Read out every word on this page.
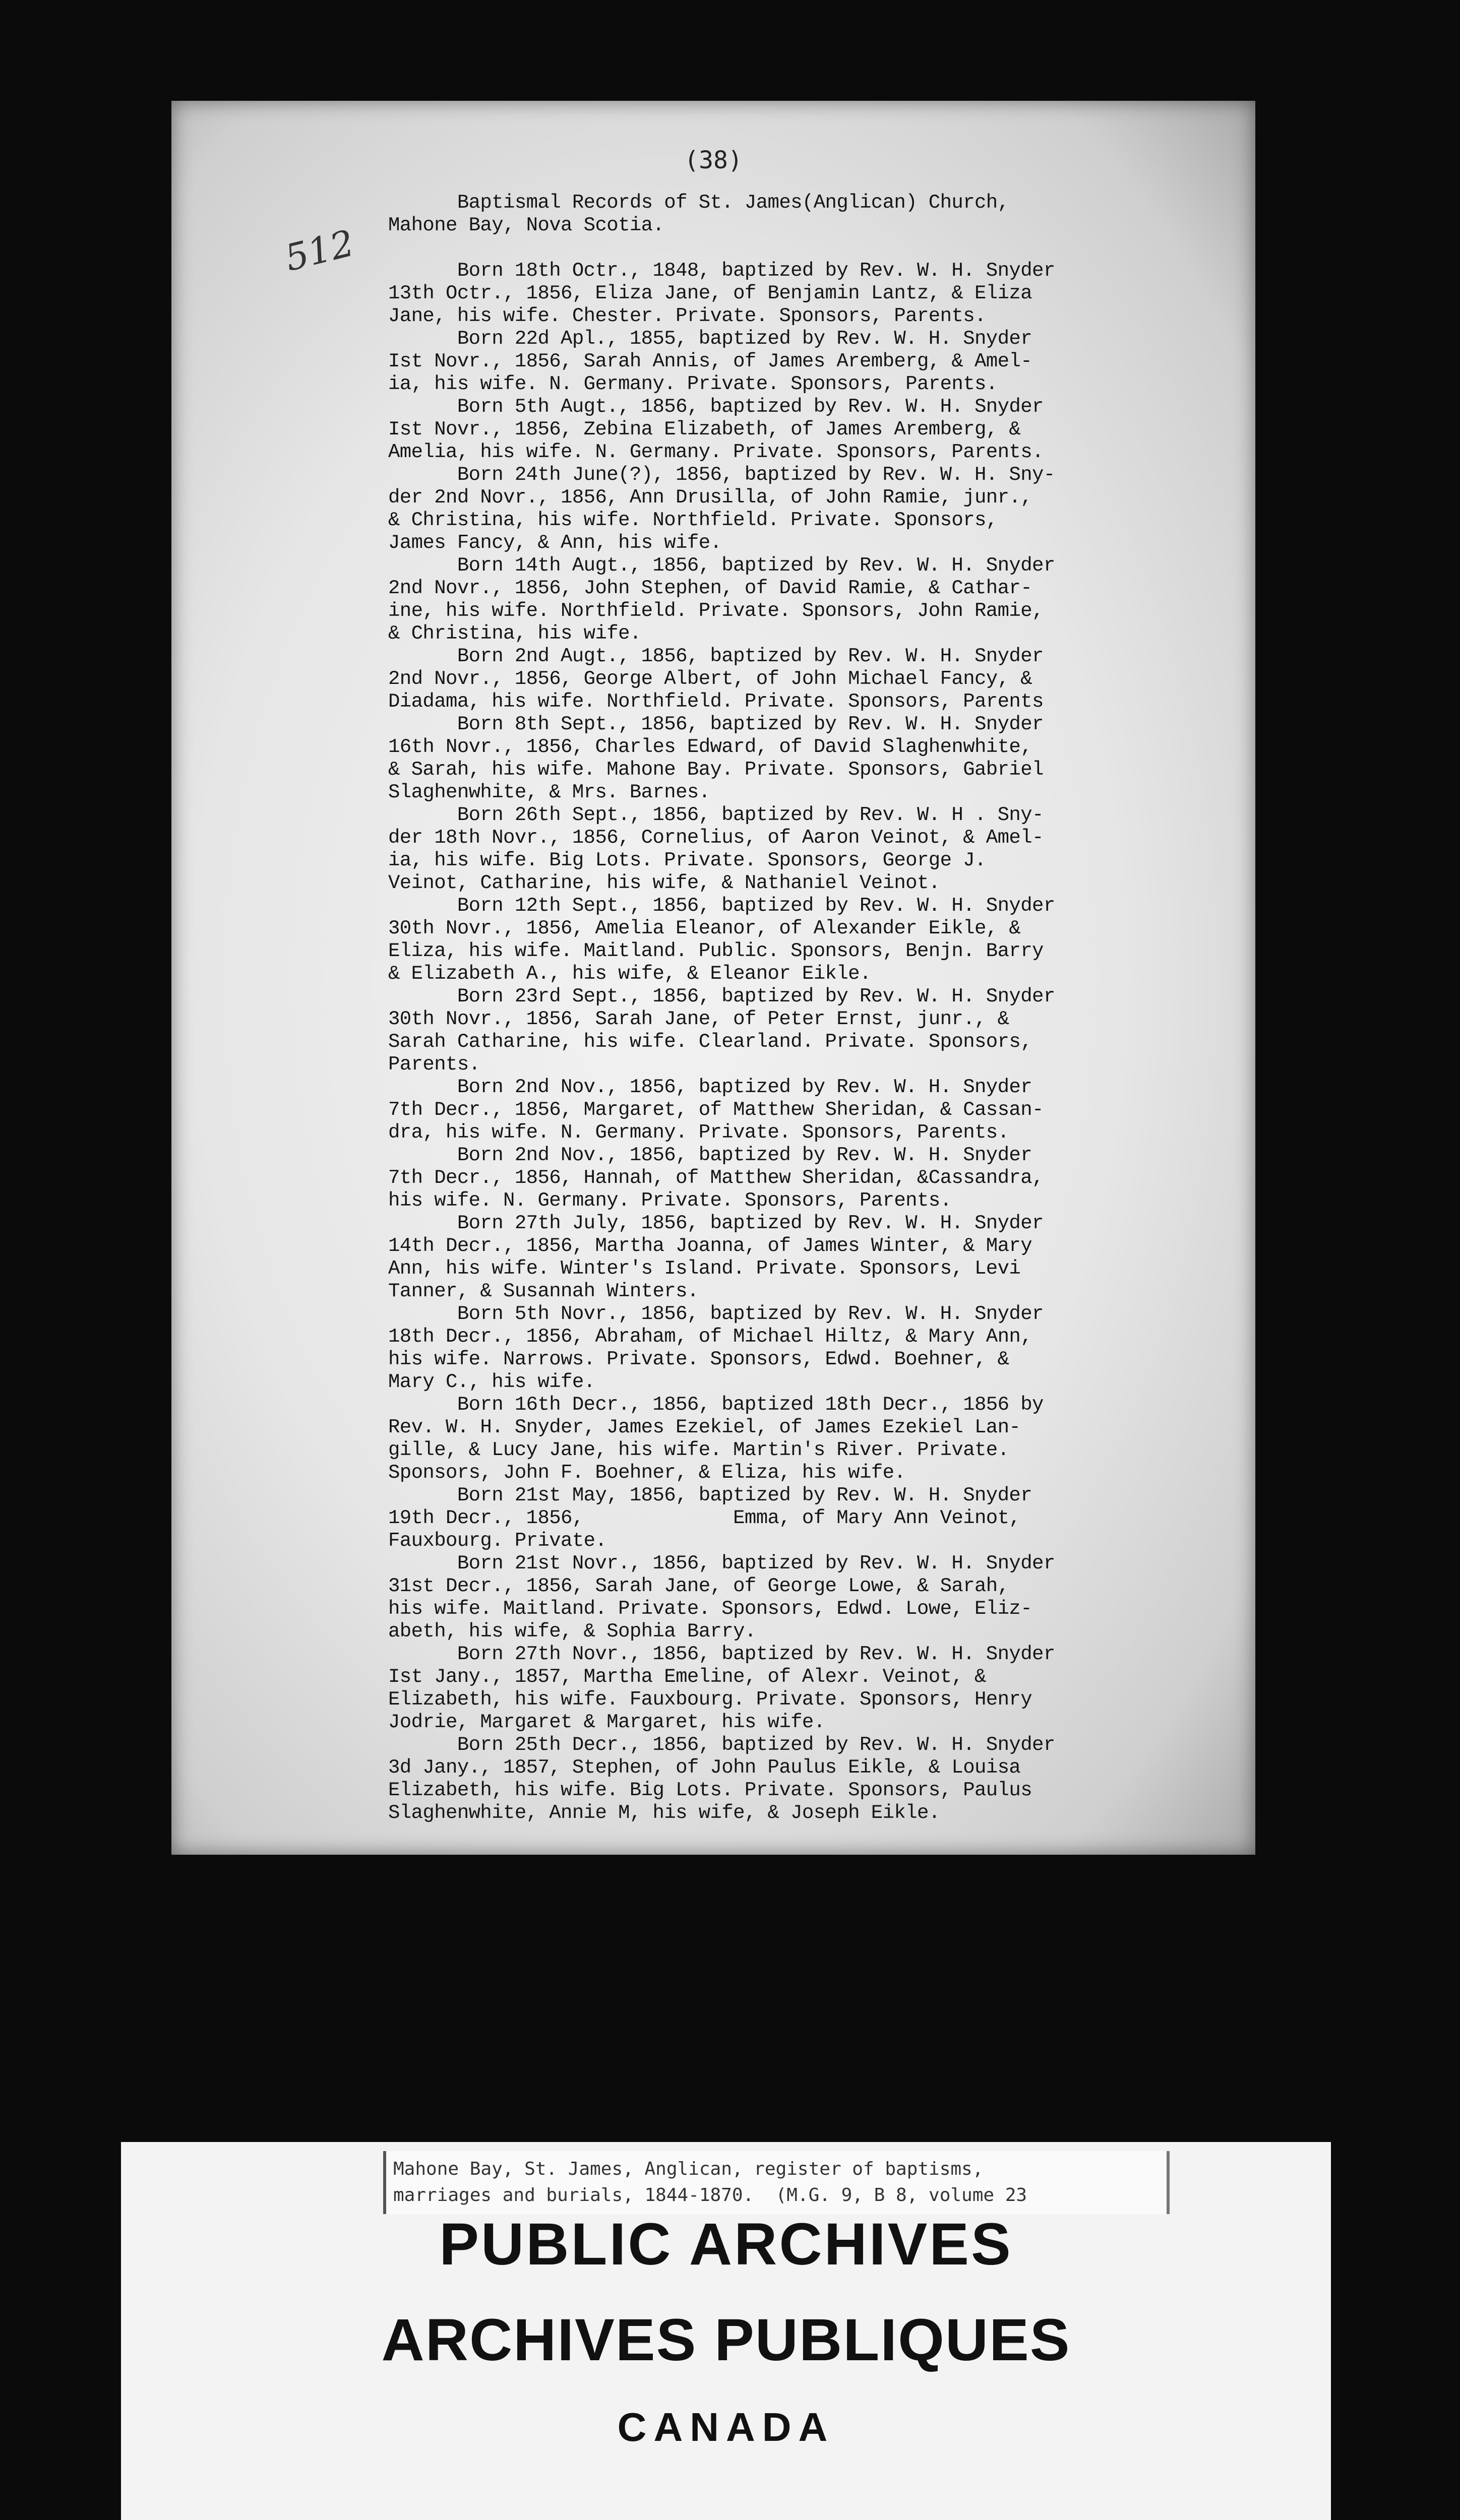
(38)
512
Baptismal Records of St. James(Anglican) Church,
Mahone Bay, Nova Scotia.
Born 18th Octr., 1848, baptized by Rev. W. H. Snyder
13th Octr., 1856, Eliza Jane, of Benjamin Lantz, & Eliza
Jane, his wife. Chester. Private. Sponsors, Parents.
Born 22d Apl., 1855, baptized by Rev. W. H. Snyder
Ist Novr., 1856, Sarah Annis, of James Aremberg, & Amel-
ia, his wife. N. Germany. Private. Sponsors, Parents.
Born 5th Augt., 1856, baptized by Rev. W. H. Snyder
Ist Novr., 1856, Zebina Elizabeth, of James Aremberg, &
Amelia, his wife. N. Germany. Private. Sponsors, Parents.
Born 24th June(?), 1856, baptized by Rev. W. H. Sny-
der 2nd Novr., 1856, Ann Drusilla, of John Ramie, junr.,
& Christina, his wife. Northfield. Private. Sponsors,
James Fancy, & Ann, his wife.
Born 14th Augt., 1856, baptized by Rev. W. H. Snyder
2nd Novr., 1856, John Stephen, of David Ramie, & Cathar-
ine, his wife. Northfield. Private. Sponsors, John Ramie,
& Christina, his wife.
Born 2nd Augt., 1856, baptized by Rev. W. H. Snyder
2nd Novr., 1856, George Albert, of John Michael Fancy, &
Diadama, his wife. Northfield. Private. Sponsors, Parents
Born 8th Sept., 1856, baptized by Rev. W. H. Snyder
16th Novr., 1856, Charles Edward, of David Slaghenwhite,
& Sarah, his wife. Mahone Bay. Private. Sponsors, Gabriel
Slaghenwhite, & Mrs. Barnes.
Born 26th Sept., 1856, baptized by Rev. W. H . Sny-
der 18th Novr., 1856, Cornelius, of Aaron Veinot, & Amel-
ia, his wife. Big Lots. Private. Sponsors, George J.
Veinot, Catharine, his wife, & Nathaniel Veinot.
Born 12th Sept., 1856, baptized by Rev. W. H. Snyder
30th Novr., 1856, Amelia Eleanor, of Alexander Eikle, &
Eliza, his wife. Maitland. Public. Sponsors, Benjn. Barry
& Elizabeth A., his wife, & Eleanor Eikle.
Born 23rd Sept., 1856, baptized by Rev. W. H. Snyder
30th Novr., 1856, Sarah Jane, of Peter Ernst, junr., &
Sarah Catharine, his wife. Clearland. Private. Sponsors,
Parents.
Born 2nd Nov., 1856, baptized by Rev. W. H. Snyder
7th Decr., 1856, Margaret, of Matthew Sheridan, & Cassan-
dra, his wife. N. Germany. Private. Sponsors, Parents.
Born 2nd Nov., 1856, baptized by Rev. W. H. Snyder
7th Decr., 1856, Hannah, of Matthew Sheridan, &Cassandra,
his wife. N. Germany. Private. Sponsors, Parents.
Born 27th July, 1856, baptized by Rev. W. H. Snyder
14th Decr., 1856, Martha Joanna, of James Winter, & Mary
Ann, his wife. Winter's Island. Private. Sponsors, Levi
Tanner, & Susannah Winters.
Born 5th Novr., 1856, baptized by Rev. W. H. Snyder
18th Decr., 1856, Abraham, of Michael Hiltz, & Mary Ann,
his wife. Narrows. Private. Sponsors, Edwd. Boehner, &
Mary C., his wife.
Born 16th Decr., 1856, baptized 18th Decr., 1856 by
Rev. W. H. Snyder, James Ezekiel, of James Ezekiel Lan-
gille, & Lucy Jane, his wife. Martin's River. Private.
Sponsors, John F. Boehner, & Eliza, his wife.
Born 21st May, 1856, baptized by Rev. W. H. Snyder
19th Decr., 1856,             Emma, of Mary Ann Veinot,
Fauxbourg. Private.
Born 21st Novr., 1856, baptized by Rev. W. H. Snyder
31st Decr., 1856, Sarah Jane, of George Lowe, & Sarah,
his wife. Maitland. Private. Sponsors, Edwd. Lowe, Eliz-
abeth, his wife, & Sophia Barry.
Born 27th Novr., 1856, baptized by Rev. W. H. Snyder
Ist Jany., 1857, Martha Emeline, of Alexr. Veinot, &
Elizabeth, his wife. Fauxbourg. Private. Sponsors, Henry
Jodrie, Margaret & Margaret, his wife.
Born 25th Decr., 1856, baptized by Rev. W. H. Snyder
3d Jany., 1857, Stephen, of John Paulus Eikle, & Louisa
Elizabeth, his wife. Big Lots. Private. Sponsors, Paulus
Slaghenwhite, Annie M, his wife, & Joseph Eikle.
Mahone Bay, St. James, Anglican, register of baptisms,
marriages and burials, 1844-1870.  (M.G. 9, B 8, volume 23
PUBLIC ARCHIVES
ARCHIVES PUBLIQUES
CANADA
